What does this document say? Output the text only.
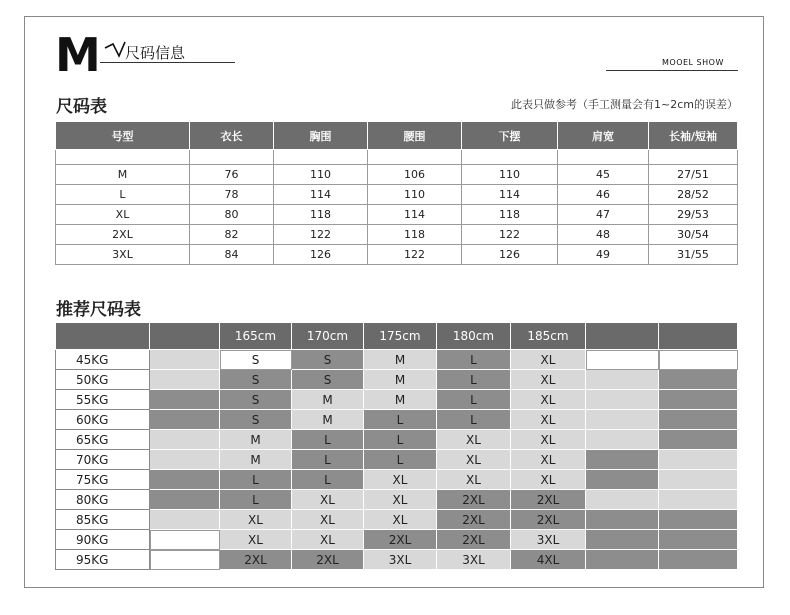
M 尺码信息
MOOEL SHOW
尺码表	此表只做参考（手工测量会有1~2cm的误差）
号型	衣长	胸围	腰围	下摆	肩宽	长袖/短袖

M	76	110	106	110	45	27/51
L	78	114	110	114	46	28/52
XL	80	118	114	118	47	29/53
2XL	82	122	118	122	48	30/54
3XL	84	126	122	126	49	31/55
推荐尺码表
		165cm	170cm	175cm	180cm	185cm		
45KG		S	S	M	L	XL		
50KG		S	S	M	L	XL		
55KG		S	M	M	L	XL		
60KG		S	M	L	L	XL		
65KG		M	L	L	XL	XL		
70KG		M	L	L	XL	XL		
75KG		L	L	XL	XL	XL		
80KG		L	XL	XL	2XL	2XL		
85KG		XL	XL	XL	2XL	2XL		
90KG		XL	XL	2XL	2XL	3XL		
95KG		2XL	2XL	3XL	3XL	4XL		
